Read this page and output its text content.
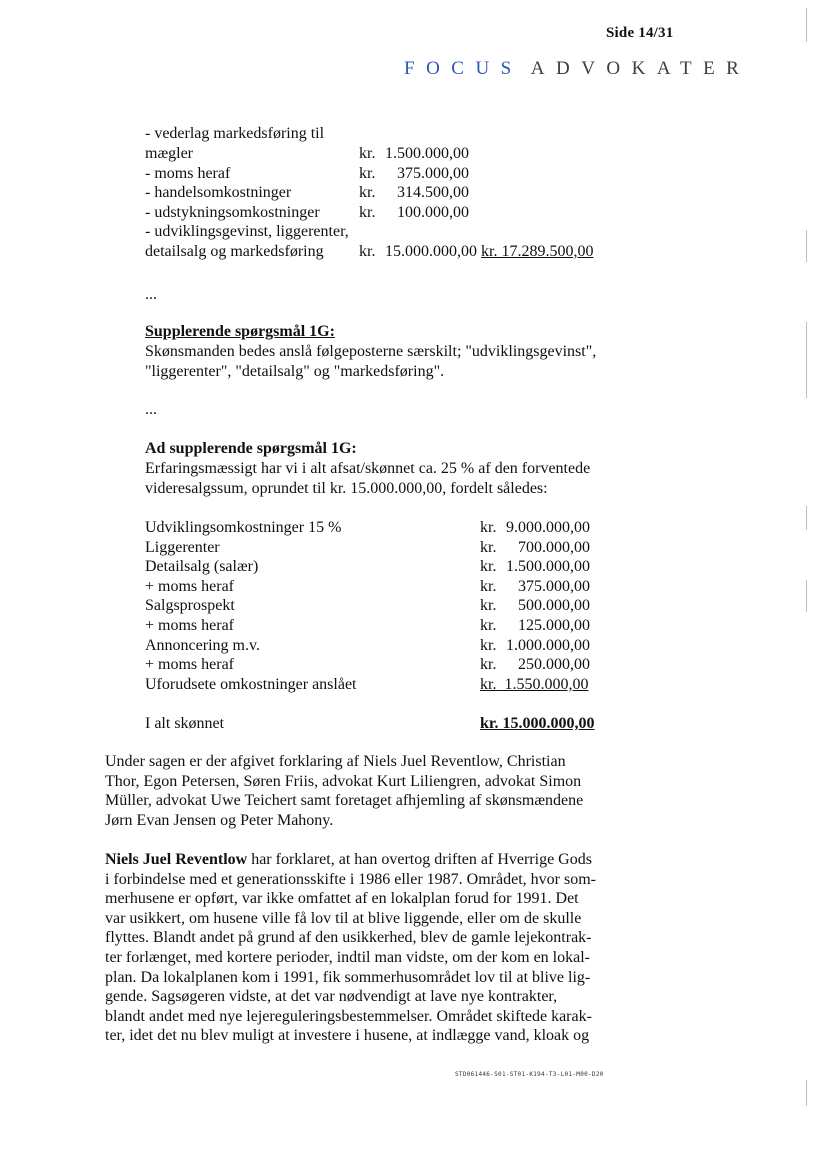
Side 14/31
FOCUS ADVOKATER
- vederlag markedsføring til
mægler	kr. 1.500.000,00
- moms heraf	kr. 375.000,00
- handelsomkostninger	kr. 314.500,00
- udstykningsomkostninger kr. 100.000,00
- udviklingsgevinst, liggerenter,
detailsalg og markedsføring kr. 15.000.000,00 kr. 17.289.500,00
...
Supplerende spørgsmål 1G:
Skønsmanden bedes anslå følgeposterne særskilt; "udviklingsgevinst",
"liggerenter", "detailsalg" og "markedsføring".
...
Ad supplerende spørgsmål 1G:
Erfaringsmæssigt har vi i alt afsat/skønnet ca. 25 % af den forventede
videresalgssum, oprundet til kr. 15.000.000,00, fordelt således:
Udviklingsomkostninger 15 %	kr. 9.000.000,00
Liggerenter	kr. 700.000,00
Detailsalg (salær)	kr. 1.500.000,00
+ moms heraf	kr. 375.000,00
Salgsprospekt	kr. 500.000,00
+ moms heraf	kr. 125.000,00
Annoncering m.v.	kr. 1.000.000,00
+ moms heraf	kr. 250.000,00
Uforudsete omkostninger anslået	kr. 1.550.000,00
I alt skønnet	kr. 15.000.000,00
Under sagen er der afgivet forklaring af Niels Juel Reventlow, Christian
Thor, Egon Petersen, Søren Friis, advokat Kurt Liliengren, advokat Simon
Müller, advokat Uwe Teichert samt foretaget afhjemling af skønsmændene
Jørn Evan Jensen og Peter Mahony.
Niels Juel Reventlow har forklaret, at han overtog driften af Hverrige Gods
i forbindelse med et generationsskifte i 1986 eller 1987. Området, hvor som-
merhusene er opført, var ikke omfattet af en lokalplan forud for 1991. Det
var usikkert, om husene ville få lov til at blive liggende, eller om de skulle
flyttes. Blandt andet på grund af den usikkerhed, blev de gamle lejekontrak-
ter forlænget, med kortere perioder, indtil man vidste, om der kom en lokal-
plan. Da lokalplanen kom i 1991, fik sommerhusområdet lov til at blive lig-
gende. Sagsøgeren vidste, at det var nødvendigt at lave nye kontrakter,
blandt andet med nye lejereguleringsbestemmelser. Området skiftede karak-
ter, idet det nu blev muligt at investere i husene, at indlægge vand, kloak og
STD061446-S01-ST01-K194-T3-L01-M00-D20
